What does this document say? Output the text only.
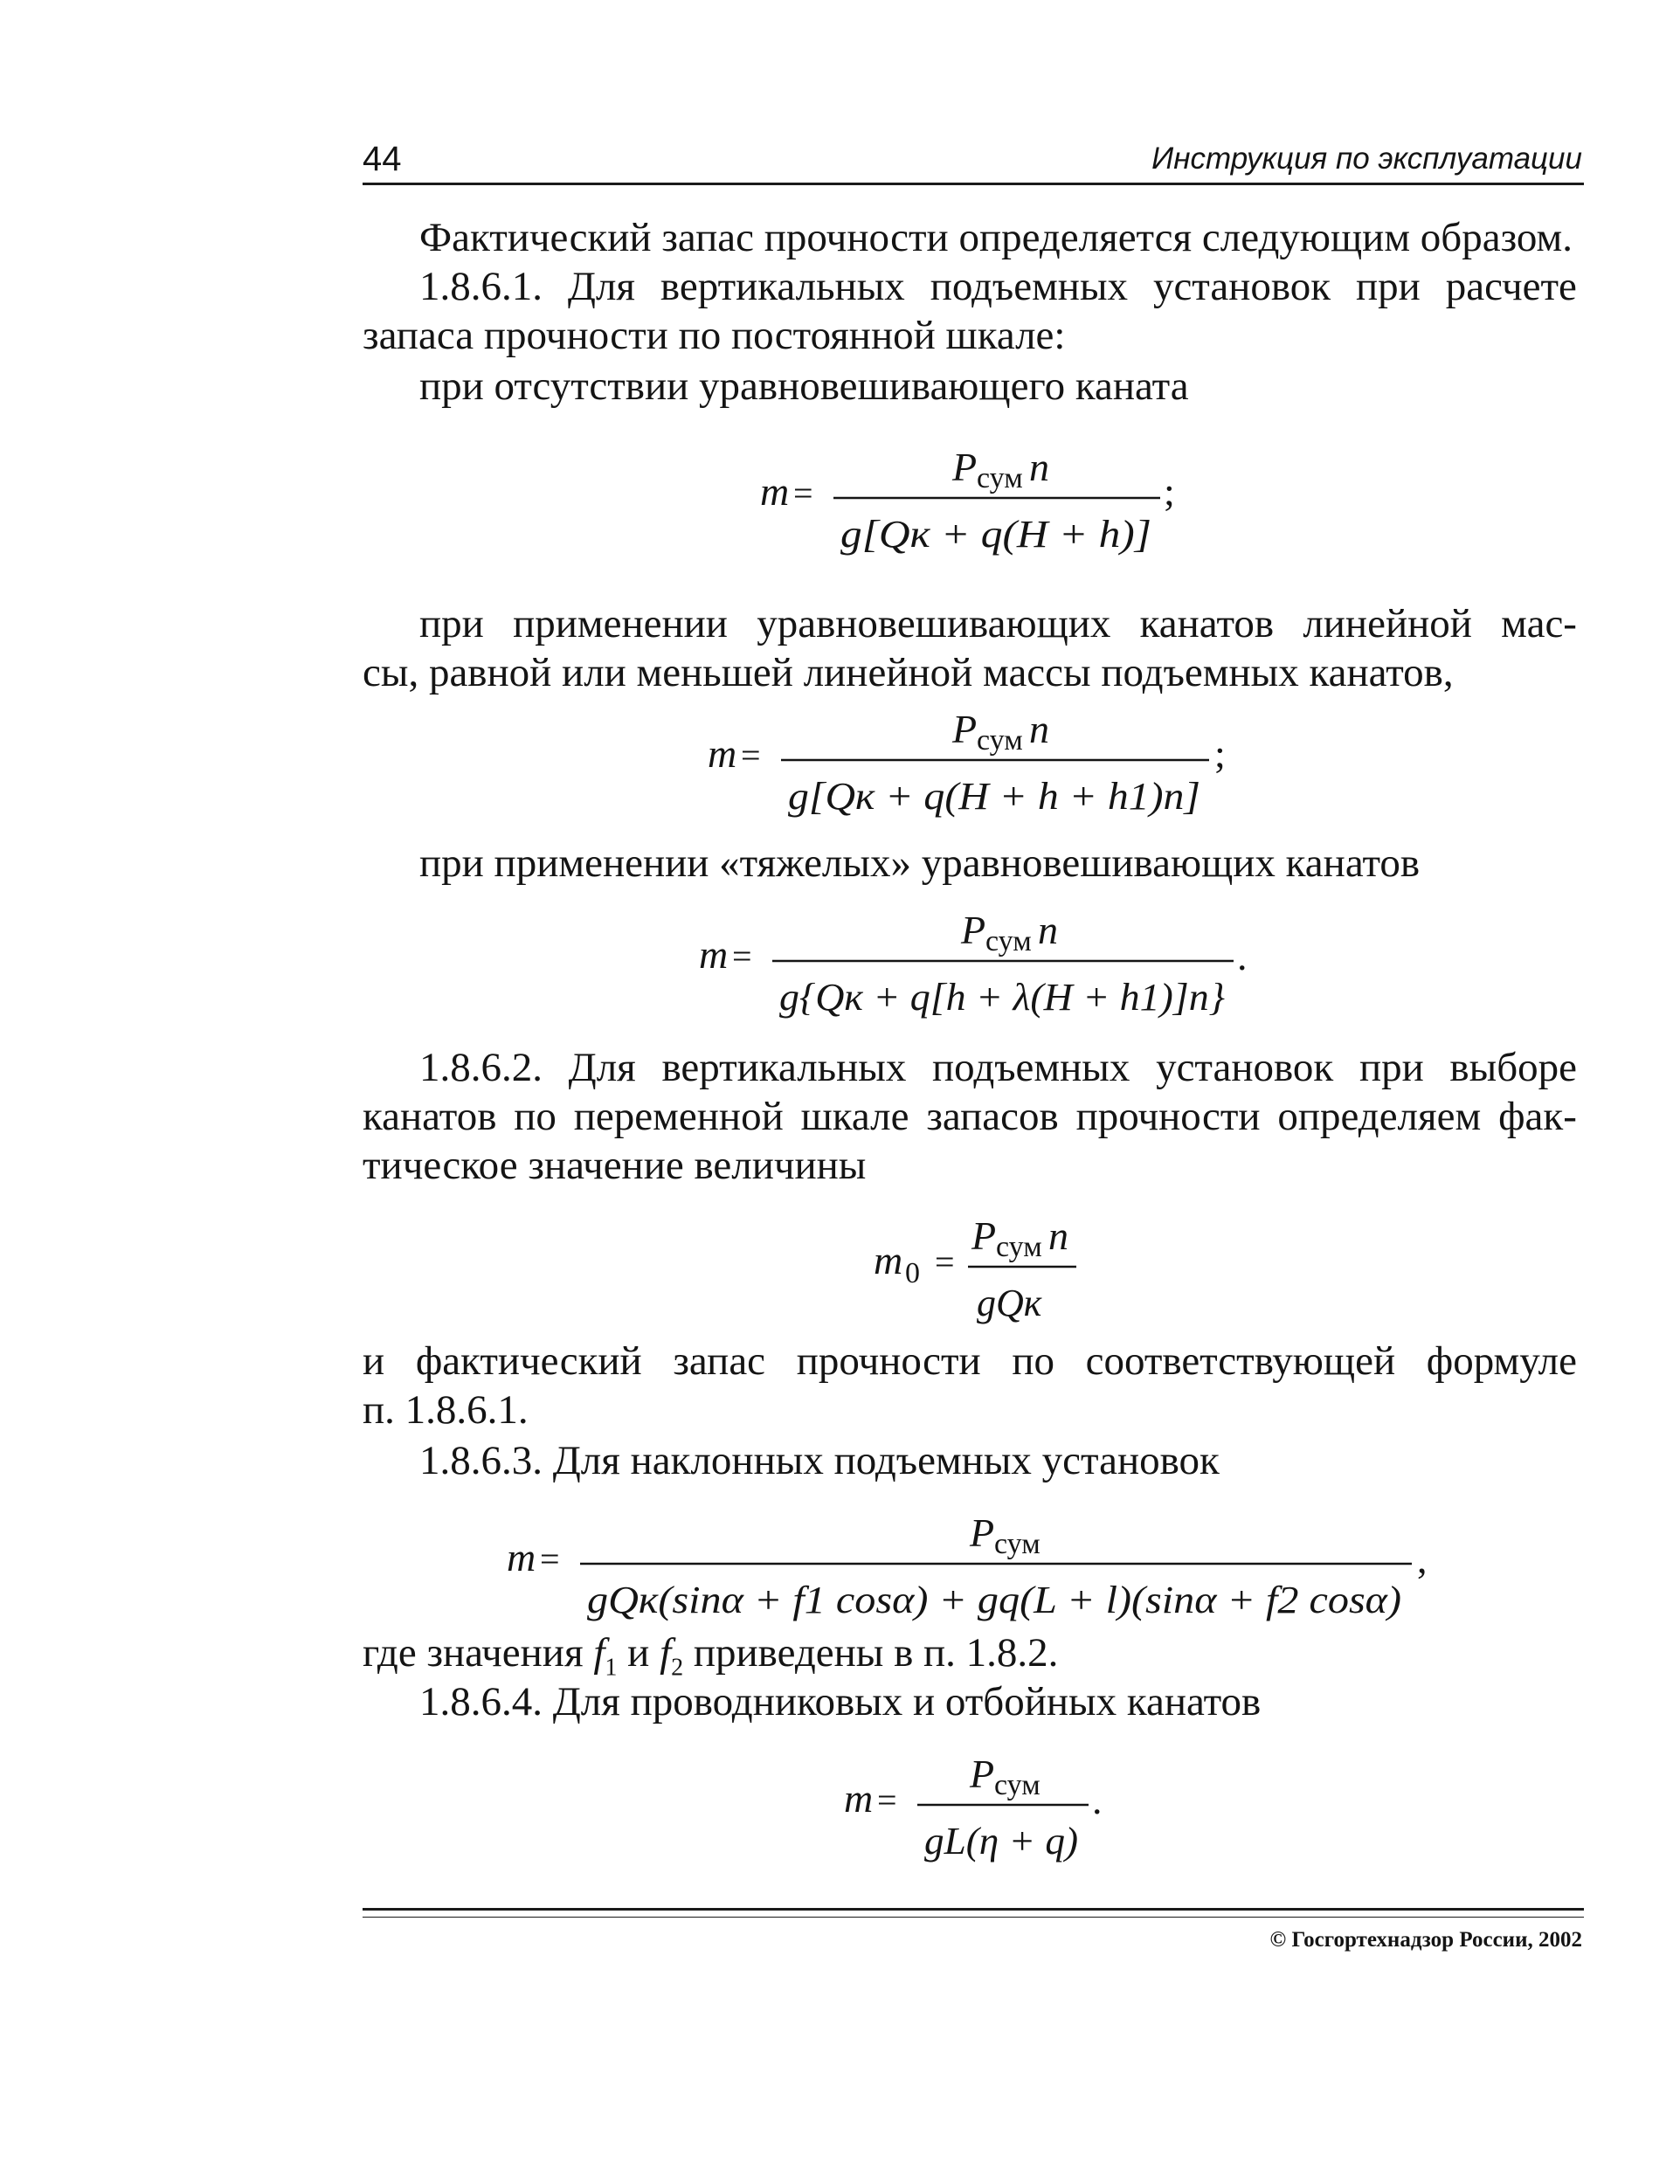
44	Инструкция по эксплуатации
Фактический запас прочности определяется следующим образом.
1.8.6.1. Для вертикальных подъемных установок при расчете
запаса прочности по постоянной шкале:
при отсутствии уравновешивающего каната
m =
P сум n
g[Qк + q(H + h)]
;
при применении уравновешивающих канатов линейной мас-
сы, равной или меньшей линейной массы подъемных канатов,
m =
P сум n
g[Qк + q(H + h + h1)n]
;
при применении «тяжелых» уравновешивающих канатов
m =
P сум n
g{Qк + q[h + λ(H + h1)]n}
.
1.8.6.2. Для вертикальных подъемных установок при выборе
канатов по переменной шкале запасов прочности определяем фак-
тическое значение величины
m 0 =
P сум n
gQк
и фактический запас прочности по соответствующей формуле
п. 1.8.6.1.
1.8.6.3. Для наклонных подъемных установок
m =
P сум
gQк(sinα + f1 cosα) + gq(L + l)(sinα + f2 cosα)
,
где значения $f_1$ и $f_2$ приведены в п. 1.8.2.
1.8.6.4. Для проводниковых и отбойных канатов
m =
P сум
gL(η + q)
.
© Госгортехнадзор России, 2002
